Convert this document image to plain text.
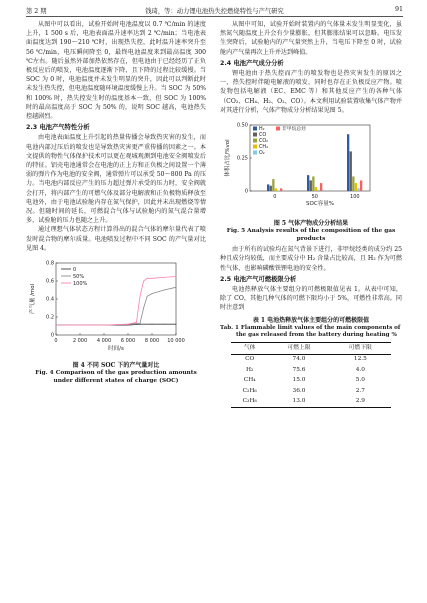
第 2 期	钱琦，等：动力锂电池热失控燃烧特性与产气研究	91

从图中可以看出，试验开始时电池温度以 0.7 ℃/min 的速度上升，1 500 s 后，电池表面温升速率达到 2 ℃/min；当电池表面温度达到 190～210 ℃时，出现热失控，此时温升速率突升至 56 ℃/min，电压瞬间降至 0，最终电池温度来到最高温度 300 ℃左右。随后虽然外部加热依然存在，但电池由于已经经历了正负极反应后的喷发，电池温度逐渐下降，且下降的过程比较缓慢。当 SOC 为 0 时，电池温度并未发生明显的突升，因此可以判断此时未发生热失控，但电池温度随环境温度缓慢上升。当 SOC 为 50% 和 100% 时，热失控发生时的温度基本一致，但 SOC 为 100% 时的最高温度高于 SOC 为 50% 的，说明 SOC 越高，电池热失控越剧烈。

2.3 电池产气特性分析

由电池表面温度上升引起的热量传播会导致热灾害的发生，而电池内部过压后的喷发也是导致热灾害更严重传播的因素之一。本文提供的物性气体保护技术可以更在观城观测到电池安全阀喷发后的特征。铝壳电池通常会在电池的正上方和正负极之间设置一个薄弱的弹片作为电池的安全阀，通常弹片可以承受 50～800 Pa 的压力。当电池内部反应产生的压力超过弹片承受的压力时，安全阀就会打开，将内部产生的可燃气体及部分电解液和正负极物质释放至电池外，由于电池试验舱内存在氮气保护，因此并未出现燃烧等情况。但随时间的延长，可燃混合气体与试验舱内的氮气混合量增多，试验舱的压力也随之上升。

通过理想气体状态方程计算得出的混合气体的摩尔量代表了喷发时混合物的摩尔质量。电池喷发过程中不同 SOC 的产气量对比见图 4。

0	2 000 4 000 6 000 8 000 10 000
0
0.2
0.4
0.6
0.8
时间/s
产气量 /mol
0
50%
100%
图 4 不同 SOC 下的产气量对比
Fig. 4 Comparison of the gas production amounts under different states of charge (SOC)

从图中可知，试验开始时装置内的气体量未发生明显变化，虽然氮气随温度上升会有少量膨胀，但其膨胀结果可以忽略。电压发生突降后，试验舱内的产气量突然上升，当电压下降至 0 时，试验舱内产气量再次上升并达到峰值。

2.4 电池产气成分分析

锂电池由于热失控而产生的喷发物也是热灾害发生的原因之一，热失控时伴随电解液的喷发，同时也存在正负极反应产物。喷发物包括电解液（EC、EMC 等）和其他反应产生的各种气体（CO₂、CH₄、H₂、O₂、CO）。本文利用试验装置收集气体产物并对其进行分析，气体产物成分分析结果见图 5。

0
0.25
0.50
0	50	100
SOC容量%
体积占比/%vol
H₂
CO
CO₂
CH₄
O₂
非甲烷总烃
图 5 气体产物成分分析结果
Fig. 5 Analysis results of the composition of the gas products

由于所有的试验均在氮气背景下进行，非甲烷经类的成分约 25 种且成分均较低，而主要成分中 H₂ 含量占比较高，且 H₂ 作为可燃性气体，也影响磷酸铁锂电池的安全性。

2.5 电池产气可燃极限分析

电池热释放气体主要组分的可燃极限值见表 1。从表中可知，除了 CO，其他几种气体的可燃下限均小于 5%，可燃性非常高。同时注意到

表 1 电池热释放气体主要组分的可燃极限值
Tab. 1 Flammable limit values of the main components of the gas released from the battery during heating %
气体	可燃上限	可燃下限
CO	74.0	12.5
H₂	75.6	4.0
CH₄	15.0	5.0
C₂H₆	36.0	2.7
C₃H₈	13.0	2.9
